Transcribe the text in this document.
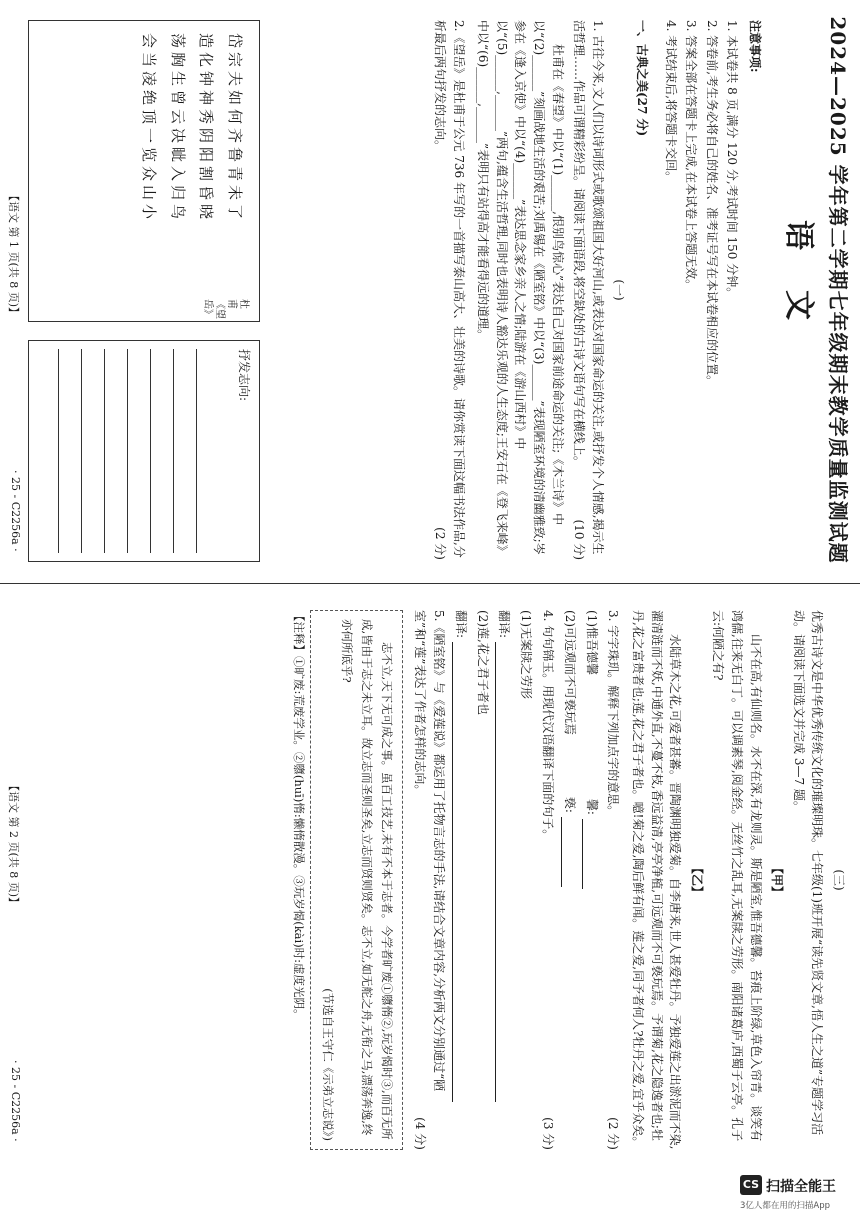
2024—2025 学年第二学期七年级期末教学质量监测试题
语文
注意事项:
1. 本试卷共 8 页,满分 120 分,考试时间 150 分钟。
2. 答卷前,考生务必将自己的姓名、准考证号写在本试卷相应的位置。
3. 答案全部在答题卡上完成,在本试卷上答题无效。
4. 考试结束后,将答题卡交回。
一、古典之美(27 分)
(一)
1. 古往今来,文人们以诗词形式或歌颂祖国大好河山,或表达对国家命运的关注,或抒发个人情感,揭示生活哲理……作品可谓精彩纷呈。请阅读下面语段,将空缺处的古诗文语句写在横线上。
(10 分)
杜甫在《春望》中以“(1)______,恨别鸟惊心”表达自己对国家前途命运的关注;《木兰诗》中以“(2)______”刻画战地生活的艰苦;刘禹锡在《陋室铭》中以“(3)______”表现陋室环境的清幽雅致;岑参在《逢入京使》中以“(4)______”表达思念家乡亲人之情;陆游在《游山西村》中以“(5)______,______”两句,蕴含生活哲理,同时也表明诗人豁达乐观的人生态度;王安石在《登飞来峰》中以“(6)______,______”表明只有站得高才能看得远的道理。
2.《望岳》是杜甫于公元 736 年写的一首描写泰山高大、壮美的诗歌。请你赏读下面这幅书法作品,分析最后两句抒发的志向。
(2 分)
岱宗夫如何齐鲁青未了造化钟神秀阴阳割昏晓荡胸生曾云决眦入归鸟会当凌绝顶一览众山小
杜甫《望岳》
抒发志向:
【语文 第 1 页(共 8 页)】
· 25 - C2256a ·
(三)
优秀古诗文是中华优秀传统文化的璀璨明珠。七年级(1)班开展“读先贤文章,悟人生之道”专题学习活动。请阅读下面选文并完成 3—7 题。
【甲】
山不在高,有仙则名。水不在深,有龙则灵。斯是陋室,惟吾德馨。苔痕上阶绿,草色入帘青。谈笑有鸿儒,往来无白丁。可以调素琴,阅金经。无丝竹之乱耳,无案牍之劳形。南阳诸葛庐,西蜀子云亭。孔子云:何陋之有?
【乙】
水陆草木之花,可爱者甚蕃。晋陶渊明独爱菊。自李唐来,世人甚爱牡丹。予独爱莲之出淤泥而不染,濯清涟而不妖,中通外直,不蔓不枝,香远益清,亭亭净植,可远观而不可亵玩焉。予谓菊,花之隐逸者也;牡丹,花之富贵者也;莲,花之君子者也。噫!菊之爱,陶后鲜有闻。莲之爱,同予者何人?牡丹之爱,宜乎众矣。
3. 字字珠玑。解释下列加点字的意思。
(2 分)
(1)惟吾德馨 馨:
(2)可远观而不可亵玩焉 亵:
4. 句句锦玉。用现代汉语翻译下面的句子。
(3 分)
(1)无案牍之劳形
翻译:
(2)莲,花之君子者也
翻译:
5.《陋室铭》与《爱莲说》都运用了托物言志的手法,请结合文章内容,分析两文分别通过“陋室”和“莲”表达了作者怎样的志向。
(4 分)
志不立,天下无可成之事。虽百工技艺,未有不本于志者。今学者旷废①隳惰②,玩岁愒时③,而百无所成,皆由于志之未立耳。故立志而圣则圣矣,立志而贤则贤矣。志不立,如无舵之舟,无衔之马,漂荡奔逸,终亦何所底乎?
(节选自王守仁《示弟立志说》)
【注释】①旷废:荒废学业。②隳(huī)惰:懒惰散漫。③玩岁愒(kài)时:虚度光阴。
【语文 第 2 页(共 8 页)】
· 25 - C2256a ·
CS 扫描全能王
3亿人都在用的扫描App
